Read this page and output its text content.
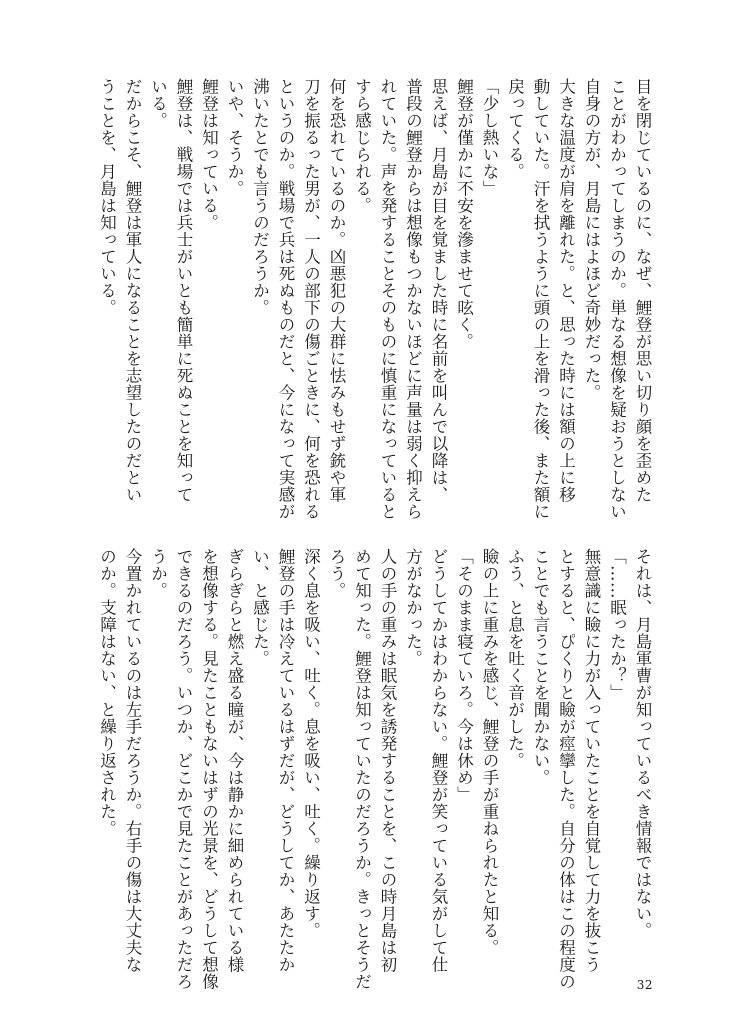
目を閉じているのに、なぜ、鯉登が思い切り顔を歪めた
ことがわかってしまうのか。単なる想像を疑おうとしない
自身の方が、月島にはよほど奇妙だった。
大きな温度が肩を離れた。と、思った時には額の上に移
動していた。汗を拭うように頭の上を滑った後、また額に
戻ってくる。
「少し熱いな」
鯉登が僅かに不安を滲ませて呟く。
思えば、月島が目を覚ました時に名前を叫んで以降は、
普段の鯉登からは想像もつかないほどに声量は弱く抑えら
れていた。声を発することそのものに慎重になっていると
すら感じられる。
何を恐れているのか。凶悪犯の大群に怯みもせず銃や軍
刀を振るった男が、一人の部下の傷ごときに、何を恐れる
というのか。戦場で兵は死ぬものだと、今になって実感が
沸いたとでも言うのだろうか。
いや、そうか。
鯉登は知っている。
鯉登は、戦場では兵士がいとも簡単に死ぬことを知って
いる。
だからこそ、鯉登は軍人になることを志望したのだとい
うことを、月島は知っている。
それは、月島軍曹が知っているべき情報ではない。
「……眠ったか？」
無意識に瞼に力が入っていたことを自覚して力を抜こう
とすると、ぴくりと瞼が痙攣した。自分の体はこの程度の
ことでも言うことを聞かない。
ふう、と息を吐く音がした。
瞼の上に重みを感じ、鯉登の手が重ねられたと知る。
「そのまま寝ていろ。今は休め」
どうしてかはわからない。鯉登が笑っている気がして仕
方がなかった。
人の手の重みは眠気を誘発することを、この時月島は初
めて知った。鯉登は知っていたのだろうか。きっとそうだ
ろう。
深く息を吸い、吐く。息を吸い、吐く。繰り返す。
鯉登の手は冷えているはずだが、どうしてか、あたたか
い、と感じた。
ぎらぎらと燃え盛る瞳が、今は静かに細められている様
を想像する。見たこともないはずの光景を、どうして想像
できるのだろう。いつか、どこかで見たことがあっただろ
うか。
今置かれているのは左手だろうか。右手の傷は大丈夫な
のか。支障はない、と繰り返された。
32
